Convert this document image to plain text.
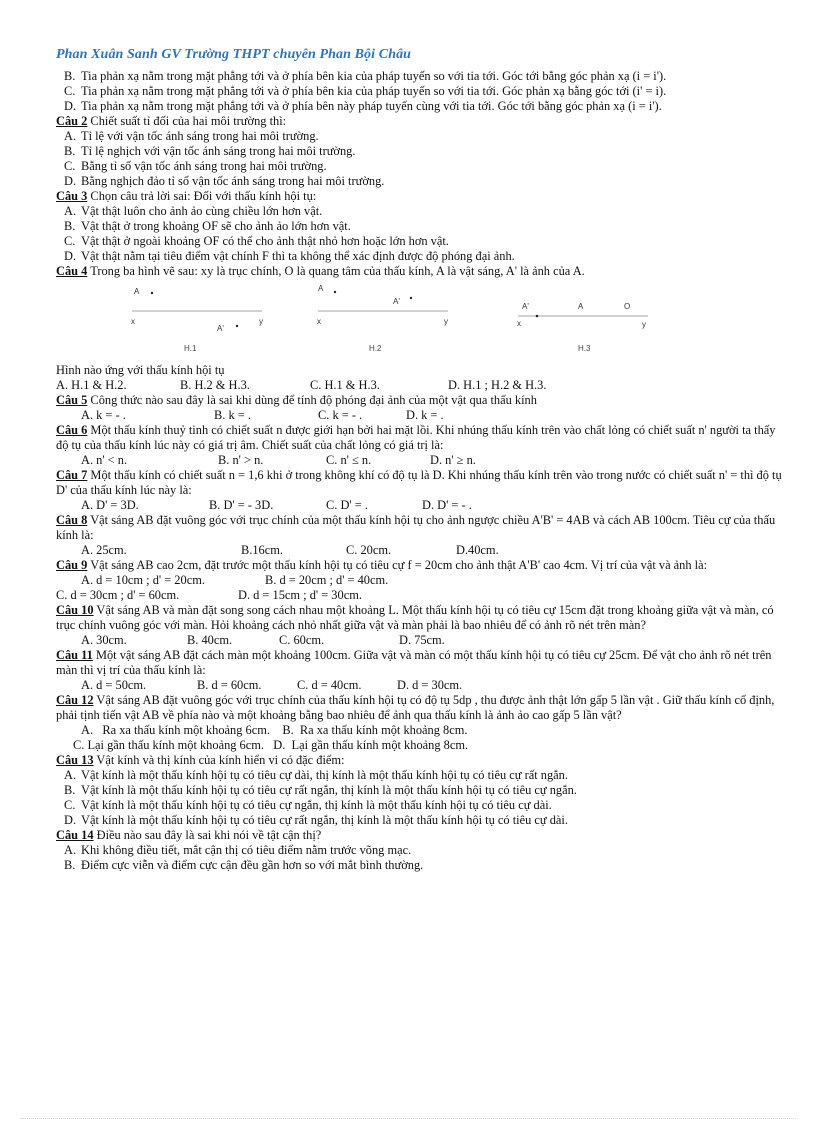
Phan Xuân Sanh GV Trường THPT chuyên Phan Bội Châu

B. Tia phản xạ nằm trong mặt phẳng tới và ở phía bên kia của pháp tuyến so với tia tới. Góc tới bằng góc phản xạ (i = i').

C. Tia phản xạ nằm trong mặt phẳng tới và ở phía bên kia của pháp tuyến so với tia tới. Góc phản xạ bằng góc tới (i' = i).

D. Tia phản xạ nằm trong mặt phẳng tới và ở phía bên này pháp tuyến cùng với tia tới. Góc tới bằng góc phản xạ (i = i').

Câu 2 Chiết suất tỉ đối của hai môi trường thì:

A. Tỉ lệ với vận tốc ánh sáng trong hai môi trường.

B. Tỉ lệ nghịch với vận tốc ánh sáng trong hai môi trường.

C. Bằng tỉ số vận tốc ánh sáng trong hai môi trường.

D. Bằng nghịch đảo tỉ số vận tốc ánh sáng trong hai môi trường.

Câu 3 Chọn câu trả lời sai: Đối với thấu kính hội tụ:

A. Vật thật luôn cho ảnh ảo cùng chiều lớn hơn vật.

B. Vật thật ở trong khoảng OF sẽ cho ảnh ảo lớn hơn vật.

C. Vật thật ở ngoài khoảng OF có thể cho ảnh thật nhỏ hơn hoặc lớn hơn vật.

D. Vật thật nằm tại tiêu điểm vật chính F thì ta không thể xác định được độ phóng đại ảnh.

Câu 4 Trong ba hình vẽ sau: xy là trục chính, O là quang tâm của thấu kính, A là vật sáng, A' là ảnh của A.

A
x	y
A'
H.1
A
A'
x	y
H.2
A'	A	O
x	y
H.3

Hình nào ứng với thấu kính hội tụ

A. H.1 & H.2.	B. H.2 & H.3.	C. H.1 & H.3.	D. H.1 ; H.2 & H.3.

Câu 5 Công thức nào sau đây là sai khi dùng để tính độ phóng đại ảnh của một vật qua thấu kính

A. k = - .	B. k = .	C. k = - .	D. k = .

Câu 6 Một thấu kính thuỷ tinh có chiết suất n được giới hạn bởi hai mặt lồi. Khi nhúng thấu kính trên vào chất lỏng có chiết suất n' người ta thấy độ tụ của thấu kính lúc này có giá trị âm. Chiết suất của chất lỏng có giá trị là:

A. n' < n.	B. n' > n.	C. n' ≤ n.	D. n' ≥ n.

Câu 7 Một thấu kính có chiết suất n = 1,6 khi ở trong không khí có độ tụ là D. Khi nhúng thấu kính trên vào trong nước có chiết suất n' = thì độ tụ D' của thấu kính lúc này là:

A. D' = 3D.	B. D' = - 3D.	C. D' = .	D. D' = - .

Câu 8 Vật sáng AB đặt vuông góc với trục chính của một thấu kính hội tụ cho ảnh ngược chiều A'B' = 4AB và cách AB 100cm. Tiêu cự của thấu kính là:

A. 25cm.	B.16cm.	C. 20cm.	D.40cm.

Câu 9 Vật sáng AB cao 2cm, đặt trước một thấu kính hội tụ có tiêu cự f = 20cm cho ảnh thật A'B' cao 4cm. Vị trí của vật và ảnh là:

A. d = 10cm ; d' = 20cm.	B. d = 20cm ; d' = 40cm.
C. d = 30cm ; d' = 60cm.	D. d = 15cm ; d' = 30cm.

Câu 10 Vật sáng AB và màn đặt song song cách nhau một khoảng L. Một thấu kính hội tụ có tiêu cự 15cm đặt trong khoảng giữa vật và màn, có trục chính vuông góc với màn. Hỏi khoảng cách nhỏ nhất giữa vật và màn phải là bao nhiêu để có ảnh rõ nét trên màn?

A. 30cm.	B. 40cm.	C. 60cm.	D. 75cm.

Câu 11 Một vật sáng AB đặt cách màn một khoảng 100cm. Giữa vật và màn có một thấu kính hội tụ có tiêu cự 25cm. Để vật cho ảnh rõ nét trên màn thì vị trí của thấu kính là:

A. d = 50cm.	B. d = 60cm.	C. d = 40cm.	D. d = 30cm.

Câu 12 Vật sáng AB đặt vuông góc với trục chính của thấu kính hội tụ có độ tụ 5dp , thu được ảnh thật lớn gấp 5 lần vật . Giữ thấu kính cố định, phải tịnh tiến vật AB về phía nào và một khoảng bằng bao nhiêu để ảnh qua thấu kính là ảnh ảo cao gấp 5 lần vật?

A.   Ra xa thấu kính một khoảng 6cm.    B.  Ra xa thấu kính một khoảng 8cm.

C. Lại gần thấu kính một khoảng 6cm.   D.  Lại gần thấu kính một khoảng 8cm.

Câu 13 Vật kính và thị kính của kính hiển vi có đặc điểm:

A. Vật kính là một thấu kính hội tụ có tiêu cự dài, thị kính là một thấu kính hội tụ có tiêu cự rất ngắn.

B. Vật kính là một thấu kính hội tụ có tiêu cự rất ngắn, thị kính là một thấu kính hội tụ có tiêu cự ngắn.

C. Vật kính là một thấu kính hội tụ có tiêu cự ngắn, thị kính là một thấu kính hội tụ có tiêu cự dài.

D. Vật kính là một thấu kính hội tụ có tiêu cự rất ngắn, thị kính là một thấu kính hội tụ có tiêu cự dài.

Câu 14 Điều nào sau đây là sai khi nói về tật cận thị?

A. Khi không điều tiết, mắt cận thị có tiêu điểm nằm trước võng mạc.

B. Điểm cực viễn và điểm cực cận đều gần hơn so với mắt bình thường.
